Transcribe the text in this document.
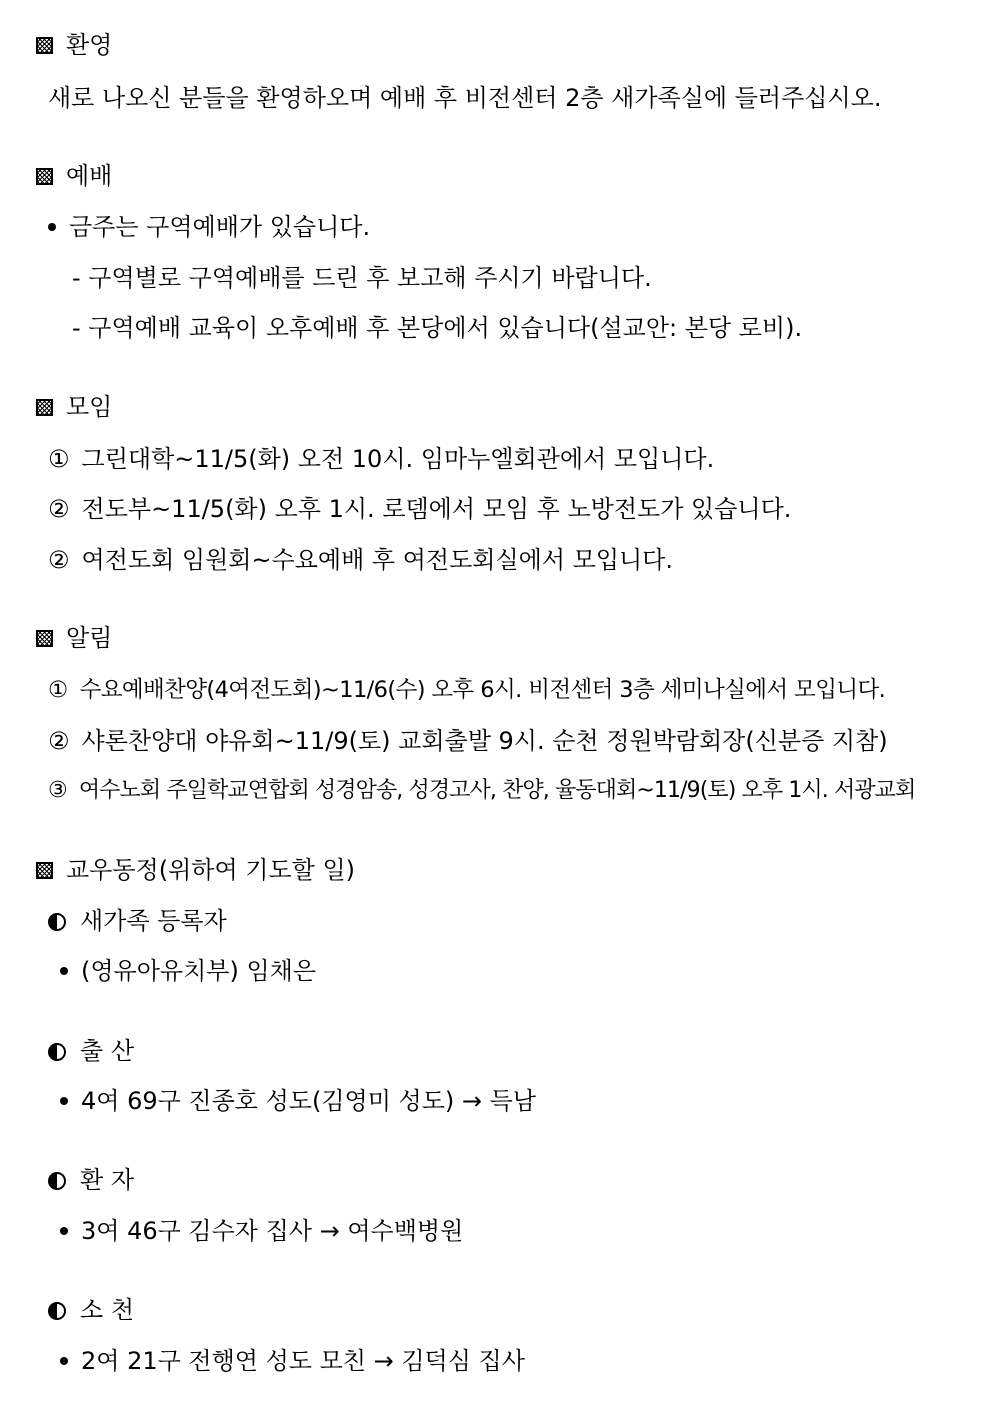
환영
새로 나오신 분들을 환영하오며 예배 후 비전센터 2층 새가족실에 들러주십시오.
예배
금주는 구역예배가 있습니다.
- 구역별로 구역예배를 드린 후 보고해 주시기 바랍니다.
- 구역예배 교육이 오후예배 후 본당에서 있습니다(설교안: 본당 로비).
모임
① 그린대학~11/5(화) 오전 10시. 임마누엘회관에서 모입니다.
② 전도부~11/5(화) 오후 1시. 로뎀에서 모임 후 노방전도가 있습니다.
② 여전도회 임원회~수요예배 후 여전도회실에서 모입니다.
알림
① 수요예배찬양(4여전도회)~11/6(수) 오후 6시. 비전센터 3층 세미나실에서 모입니다.
② 샤론찬양대 야유회~11/9(토) 교회출발 9시. 순천 정원박람회장(신분증 지참)
③ 여수노회 주일학교연합회 성경암송, 성경고사, 찬양, 율동대회~11/9(토) 오후 1시. 서광교회
교우동정(위하여 기도할 일)
새가족 등록자
(영유아유치부) 임채은
출 산
4여 69구 진종호 성도(김영미 성도) → 득남
환 자
3여 46구 김수자 집사 → 여수백병원
소 천
2여 21구 전행연 성도 모친 → 김덕심 집사
